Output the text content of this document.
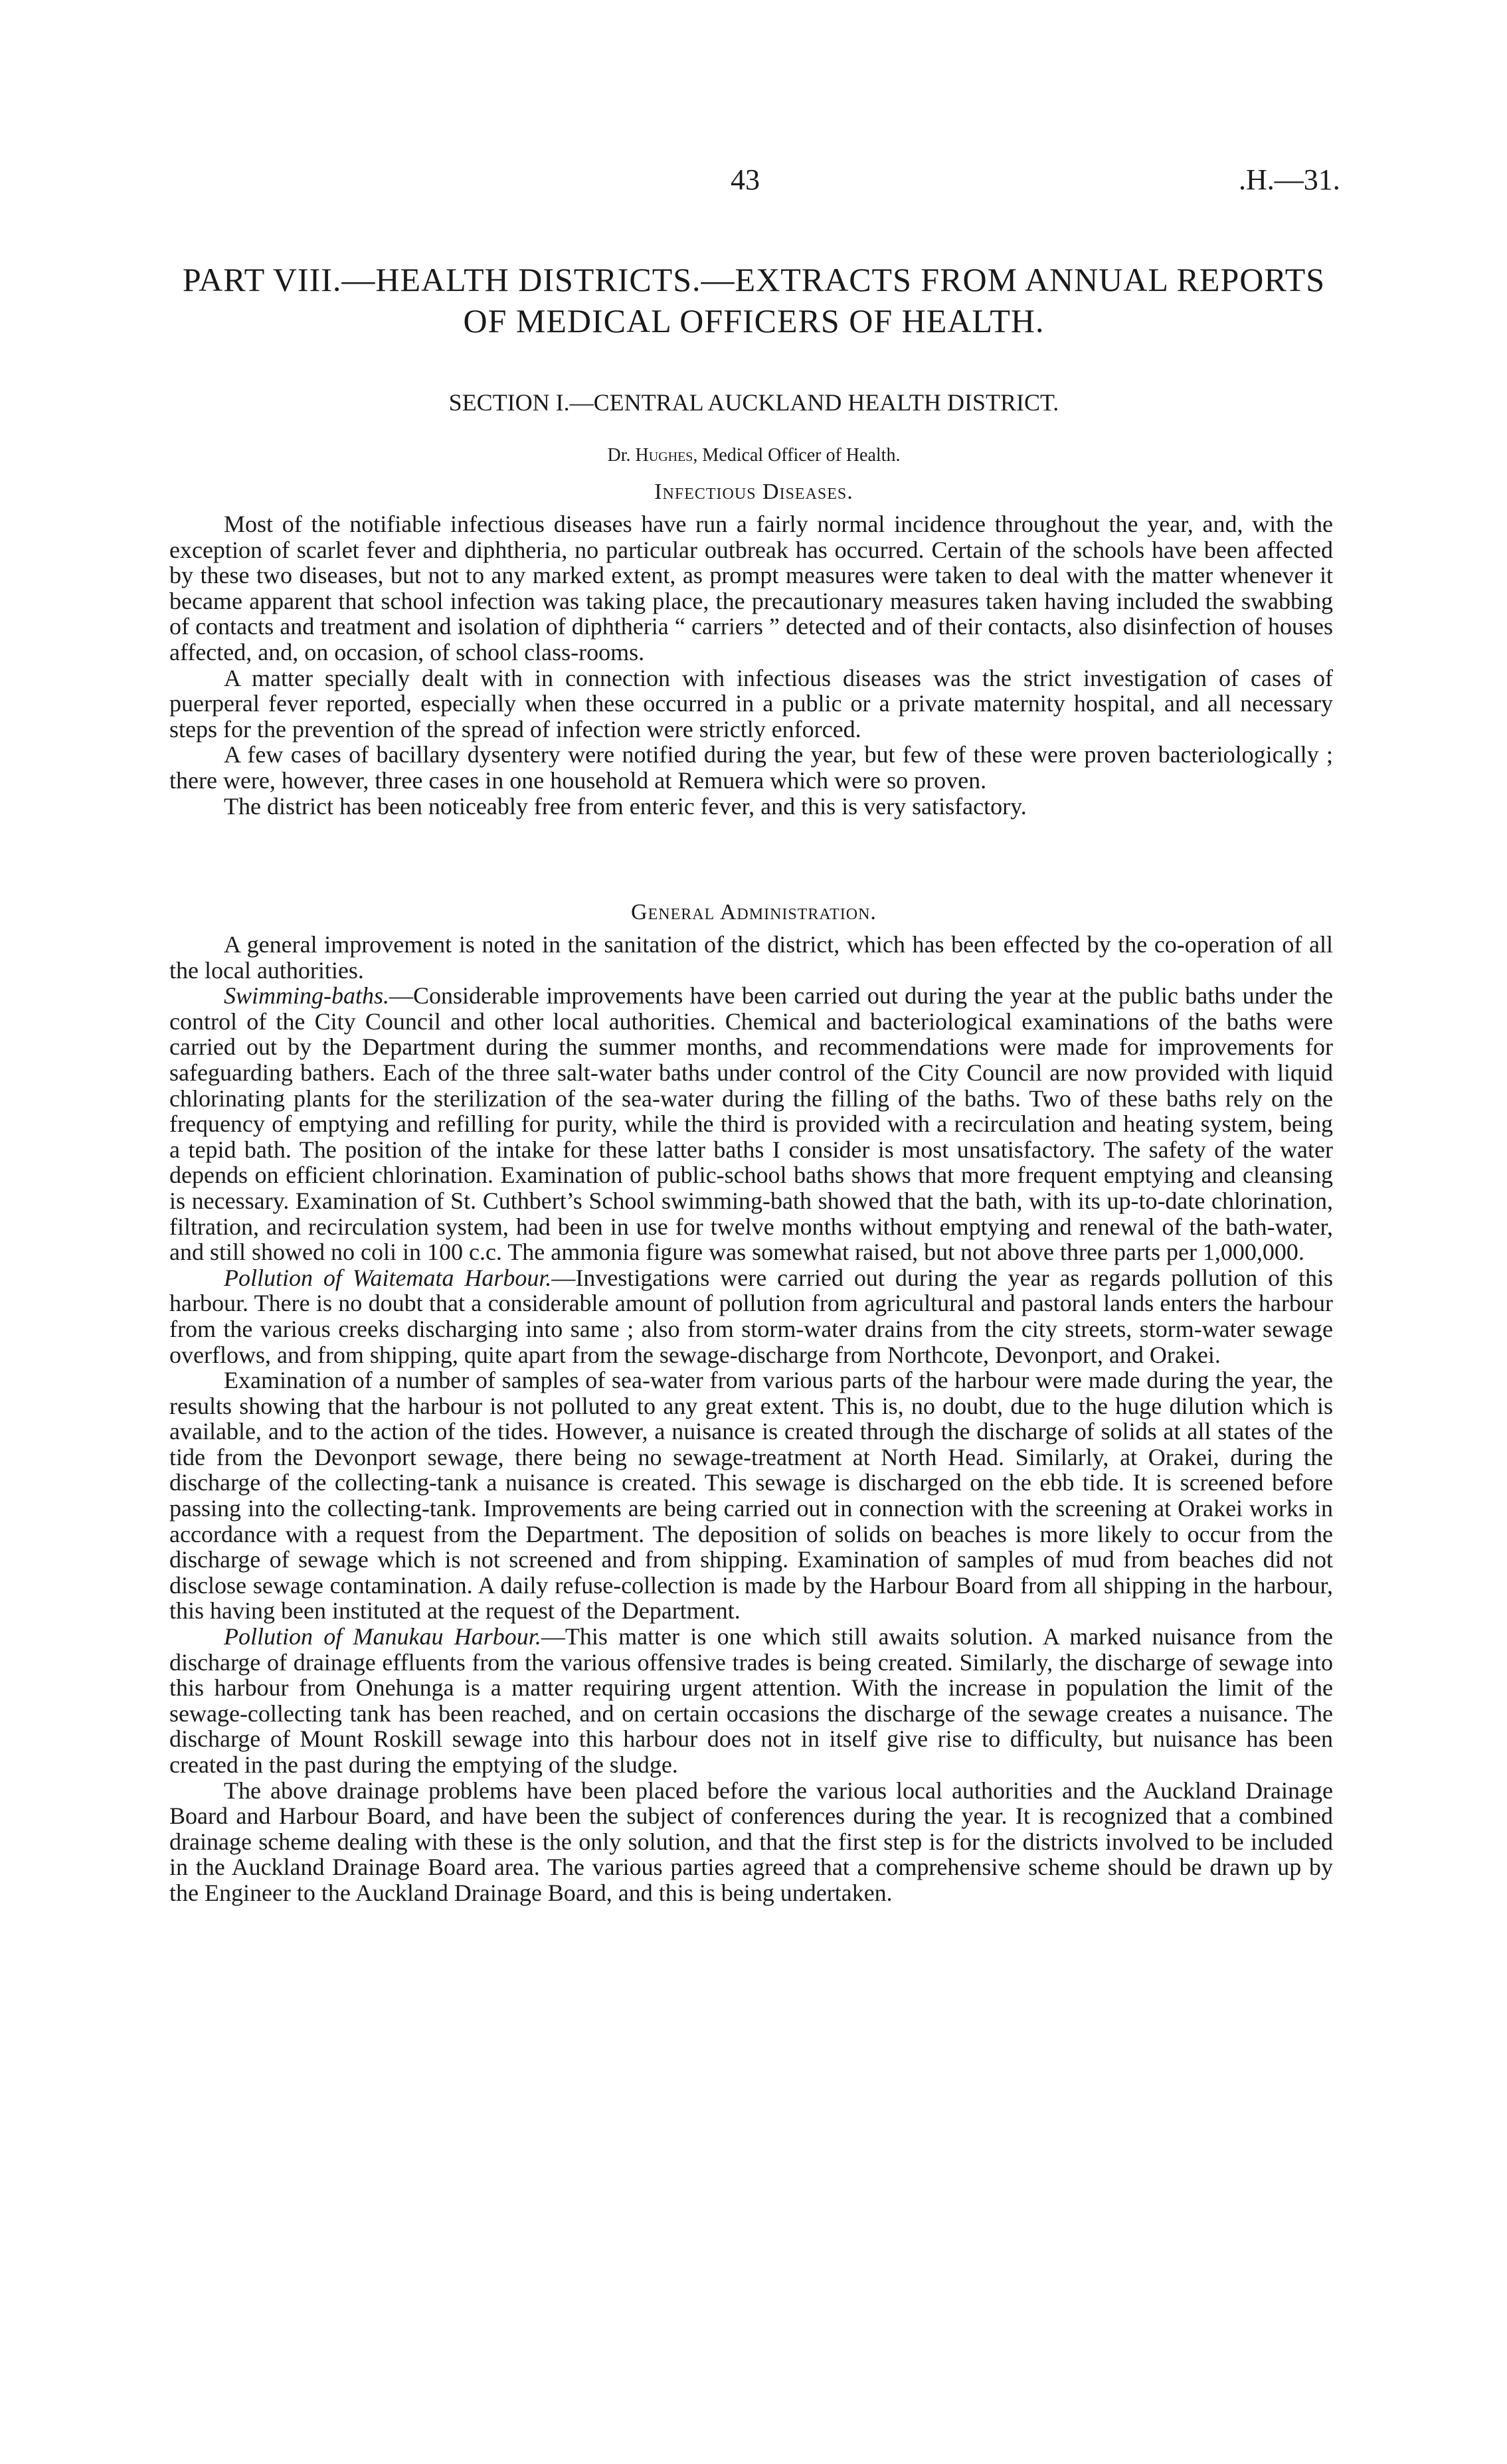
43	.H.—31.
PART VIII.—HEALTH DISTRICTS.—EXTRACTS FROM ANNUAL REPORTS OF MEDICAL OFFICERS OF HEALTH.
SECTION I.—CENTRAL AUCKLAND HEALTH DISTRICT.
Dr. Hughes, Medical Officer of Health.
Infectious Diseases.

Most of the notifiable infectious diseases have run a fairly normal incidence throughout the year, and, with the exception of scarlet fever and diphtheria, no particular outbreak has occurred. Certain of the schools have been affected by these two diseases, but not to any marked extent, as prompt measures were taken to deal with the matter whenever it became apparent that school infection was taking place, the precautionary measures taken having included the swabbing of contacts and treatment and isolation of diphtheria “ carriers ” detected and of their contacts, also disinfection of houses affected, and, on occasion, of school class-rooms.

A matter specially dealt with in connection with infectious diseases was the strict investigation of cases of puerperal fever reported, especially when these occurred in a public or a private maternity hospital, and all necessary steps for the prevention of the spread of infection were strictly enforced.

A few cases of bacillary dysentery were notified during the year, but few of these were proven bacteriologically ; there were, however, three cases in one household at Remuera which were so proven.

The district has been noticeably free from enteric fever, and this is very satisfactory.

General Administration.

A general improvement is noted in the sanitation of the district, which has been effected by the co-operation of all the local authorities.

Swimming-baths.—Considerable improvements have been carried out during the year at the public baths under the control of the City Council and other local authorities. Chemical and bacteriological examinations of the baths were carried out by the Department during the summer months, and recommendations were made for improvements for safeguarding bathers. Each of the three salt-water baths under control of the City Council are now provided with liquid chlorinating plants for the sterilization of the sea-water during the filling of the baths. Two of these baths rely on the frequency of emptying and refilling for purity, while the third is provided with a recirculation and heating system, being a tepid bath. The position of the intake for these latter baths I consider is most unsatisfactory. The safety of the water depends on efficient chlorination. Examination of public-school baths shows that more frequent emptying and cleansing is necessary. Examination of St. Cuthbert’s School swimming-bath showed that the bath, with its up-to-date chlorination, filtration, and recirculation system, had been in use for twelve months without emptying and renewal of the bath-water, and still showed no coli in 100 c.c. The ammonia figure was somewhat raised, but not above three parts per 1,000,000.

Pollution of Waitemata Harbour.—Investigations were carried out during the year as regards pollution of this harbour. There is no doubt that a considerable amount of pollution from agricultural and pastoral lands enters the harbour from the various creeks discharging into same ; also from storm-water drains from the city streets, storm-water sewage overflows, and from shipping, quite apart from the sewage-discharge from Northcote, Devonport, and Orakei.

Examination of a number of samples of sea-water from various parts of the harbour were made during the year, the results showing that the harbour is not polluted to any great extent. This is, no doubt, due to the huge dilution which is available, and to the action of the tides. However, a nuisance is created through the discharge of solids at all states of the tide from the Devonport sewage, there being no sewage-treatment at North Head. Similarly, at Orakei, during the discharge of the collecting-tank a nuisance is created. This sewage is discharged on the ebb tide. It is screened before passing into the collecting-tank. Improvements are being carried out in connection with the screening at Orakei works in accordance with a request from the Department. The deposition of solids on beaches is more likely to occur from the discharge of sewage which is not screened and from shipping. Examination of samples of mud from beaches did not disclose sewage contamination. A daily refuse-collection is made by the Harbour Board from all shipping in the harbour, this having been instituted at the request of the Department.

Pollution of Manukau Harbour.—This matter is one which still awaits solution. A marked nuisance from the discharge of drainage effluents from the various offensive trades is being created. Similarly, the discharge of sewage into this harbour from Onehunga is a matter requiring urgent attention. With the increase in population the limit of the sewage-collecting tank has been reached, and on certain occasions the discharge of the sewage creates a nuisance. The discharge of Mount Roskill sewage into this harbour does not in itself give rise to difficulty, but nuisance has been created in the past during the emptying of the sludge.

The above drainage problems have been placed before the various local authorities and the Auckland Drainage Board and Harbour Board, and have been the subject of conferences during the year. It is recognized that a combined drainage scheme dealing with these is the only solution, and that the first step is for the districts involved to be included in the Auckland Drainage Board area. The various parties agreed that a comprehensive scheme should be drawn up by the Engineer to the Auckland Drainage Board, and this is being undertaken.
